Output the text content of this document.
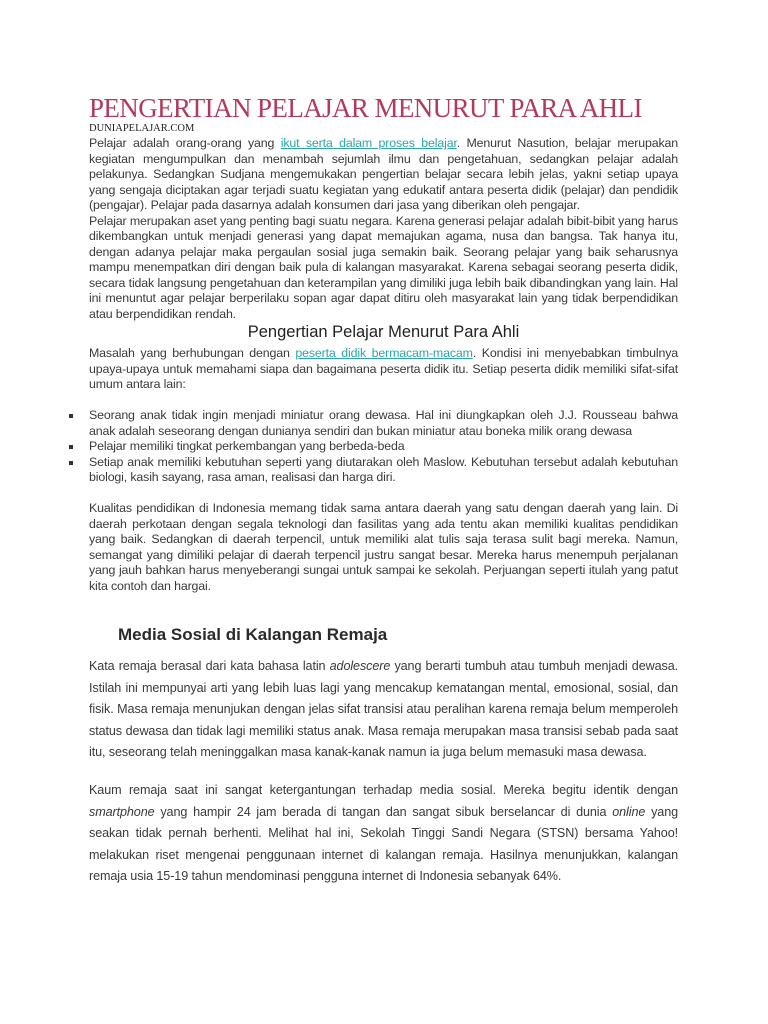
PENGERTIAN PELAJAR MENURUT PARA AHLI
DUNIAPELAJAR.COM

Pelajar adalah orang-orang yang ikut serta dalam proses belajar. Menurut Nasution, belajar merupakan kegiatan mengumpulkan dan menambah sejumlah ilmu dan pengetahuan, sedangkan pelajar adalah pelakunya. Sedangkan Sudjana mengemukakan pengertian belajar secara lebih jelas, yakni setiap upaya yang sengaja diciptakan agar terjadi suatu kegiatan yang edukatif antara peserta didik (pelajar) dan pendidik (pengajar). Pelajar pada dasarnya adalah konsumen dari jasa yang diberikan oleh pengajar.

Pelajar merupakan aset yang penting bagi suatu negara. Karena generasi pelajar adalah bibit-bibit yang harus dikembangkan untuk menjadi generasi yang dapat memajukan agama, nusa dan bangsa. Tak hanya itu, dengan adanya pelajar maka pergaulan sosial juga semakin baik. Seorang pelajar yang baik seharusnya mampu menempatkan diri dengan baik pula di kalangan masyarakat. Karena sebagai seorang peserta didik, secara tidak langsung pengetahuan dan keterampilan yang dimiliki juga lebih baik dibandingkan yang lain. Hal ini menuntut agar pelajar berperilaku sopan agar dapat ditiru oleh masyarakat lain yang tidak berpendidikan atau berpendidikan rendah.

Pengertian Pelajar Menurut Para Ahli

Masalah yang berhubungan dengan peserta didik bermacam-macam. Kondisi ini menyebabkan timbulnya upaya-upaya untuk memahami siapa dan bagaimana peserta didik itu. Setiap peserta didik memiliki sifat-sifat umum antara lain:

Seorang anak tidak ingin menjadi miniatur orang dewasa. Hal ini diungkapkan oleh J.J. Rousseau bahwa anak adalah seseorang dengan dunianya sendiri dan bukan miniatur atau boneka milik orang dewasa
Pelajar memiliki tingkat perkembangan yang berbeda-beda
Setiap anak memiliki kebutuhan seperti yang diutarakan oleh Maslow. Kebutuhan tersebut adalah kebutuhan biologi, kasih sayang, rasa aman, realisasi dan harga diri.

Kualitas pendidikan di Indonesia memang tidak sama antara daerah yang satu dengan daerah yang lain. Di daerah perkotaan dengan segala teknologi dan fasilitas yang ada tentu akan memiliki kualitas pendidikan yang baik. Sedangkan di daerah terpencil, untuk memiliki alat tulis saja terasa sulit bagi mereka. Namun, semangat yang dimiliki pelajar di daerah terpencil justru sangat besar. Mereka harus menempuh perjalanan yang jauh bahkan harus menyeberangi sungai untuk sampai ke sekolah. Perjuangan seperti itulah yang patut kita contoh dan hargai.

Media Sosial di Kalangan Remaja

Kata remaja berasal dari kata bahasa latin adolescere yang berarti tumbuh atau tumbuh menjadi dewasa. Istilah ini mempunyai arti yang lebih luas lagi yang mencakup kematangan mental, emosional, sosial, dan fisik. Masa remaja menunjukan dengan jelas sifat transisi atau peralihan karena remaja belum memperoleh status dewasa dan tidak lagi memiliki status anak. Masa remaja merupakan masa transisi sebab pada saat itu, seseorang telah meninggalkan masa kanak-kanak namun ia juga belum memasuki masa dewasa.

Kaum remaja saat ini sangat ketergantungan terhadap media sosial. Mereka begitu identik dengan smartphone yang hampir 24 jam berada di tangan dan sangat sibuk berselancar di dunia online yang seakan tidak pernah berhenti. Melihat hal ini, Sekolah Tinggi Sandi Negara (STSN) bersama Yahoo! melakukan riset mengenai penggunaan internet di kalangan remaja. Hasilnya menunjukkan, kalangan remaja usia 15-19 tahun mendominasi pengguna internet di Indonesia sebanyak 64%.
